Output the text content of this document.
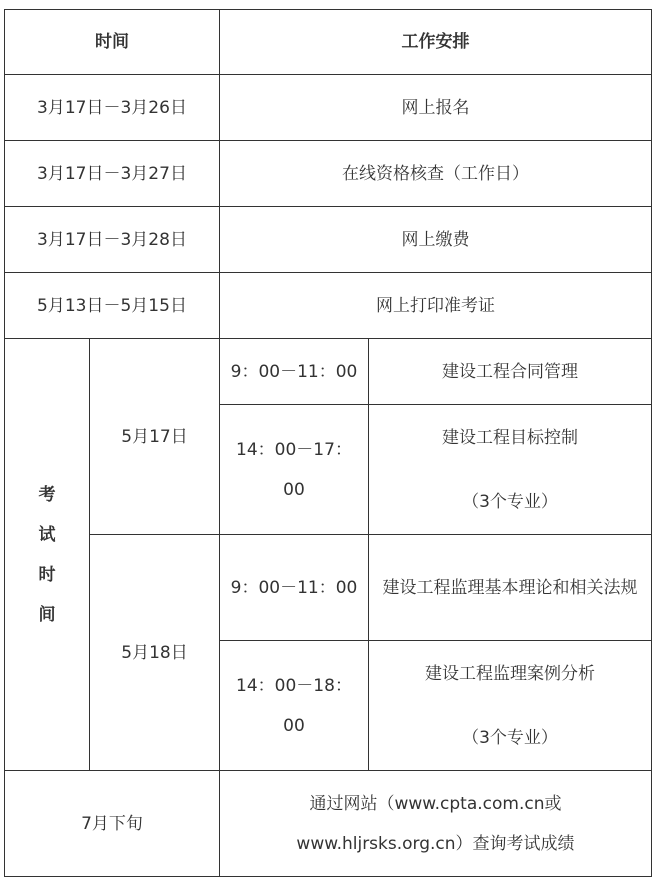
时间		工作安排	
3月17日－3月26日		网上报名	
3月17日－3月27日		在线资格核查（工作日）	
3月17日－3月28日		网上缴费	
5月13日－5月15日		网上打印准考证	

考
试
时
间	5月17日	9：00－11：00	建设工程合同管理
		14：00－17：00	建设工程目标控制
（3个专业）

	5月18日	9：00－11：00	建设工程监理基本理论和相关法规
		14：00－18：00	建设工程监理案例分析
（3个专业）

7月下旬		通过网站（www.cpta.com.cn或www.hljrsks.org.cn）查询考试成绩	
